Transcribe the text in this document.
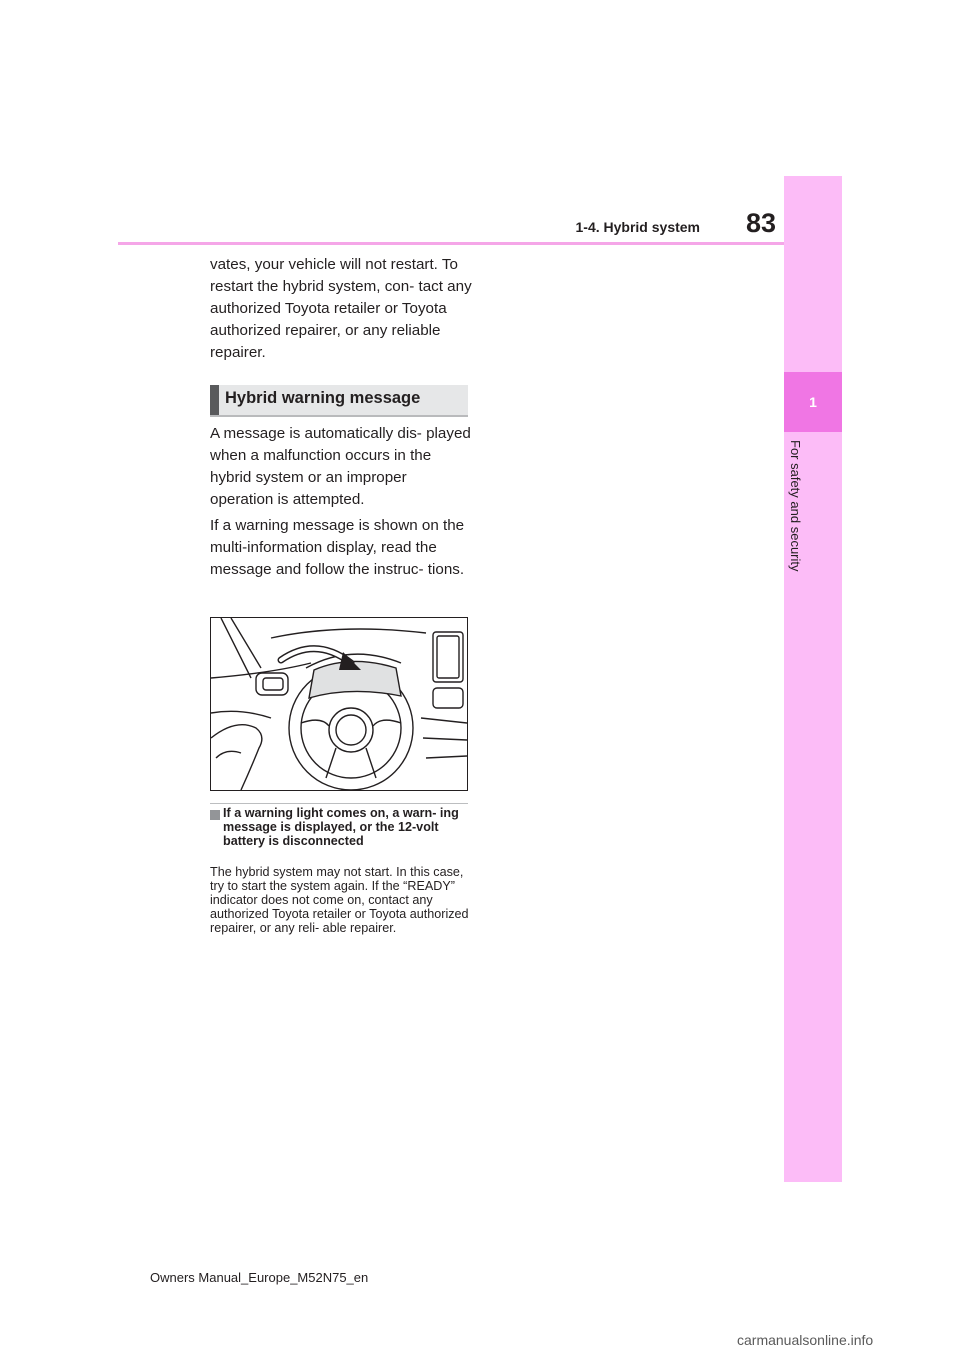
83
1-4. Hybrid system
1
For safety and security

vates, your vehicle will not restart. To restart the hybrid system, con- tact any authorized Toyota retailer or Toyota authorized repairer, or any reliable repairer.

Hybrid warning message

A message is automatically dis- played when a malfunction occurs in the hybrid system or an improper operation is attempted.

If a warning message is shown on the multi-information display, read the message and follow the instruc- tions.

If a warning light comes on, a warn- ing message is displayed, or the 12-volt battery is disconnected

The hybrid system may not start. In this case, try to start the system again. If the “READY” indicator does not come on, contact any authorized Toyota retailer or Toyota authorized repairer, or any reli- able repairer.

Owners Manual_Europe_M52N75_en
carmanualsonline.info
